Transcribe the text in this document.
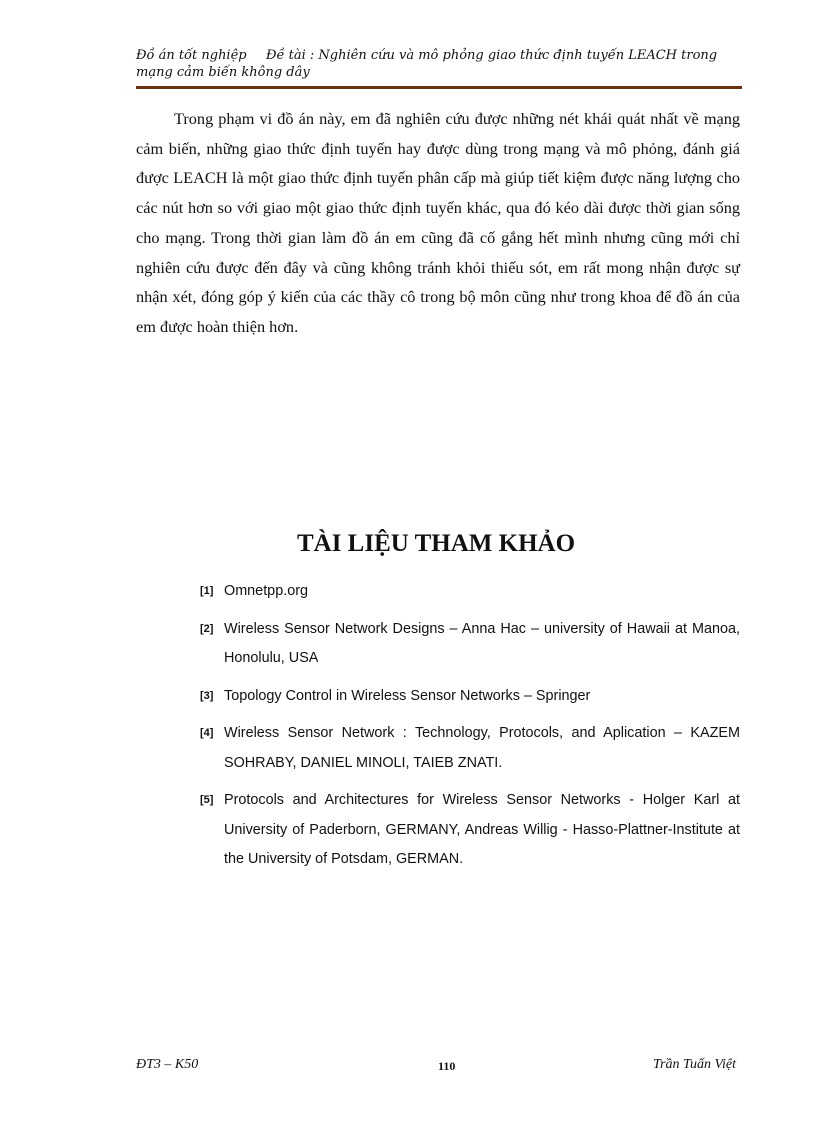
Đồ án tốt nghiệp Đề tài : Nghiên cứu và mô phỏng giao thức định tuyến LEACH trong mạng cảm biến không dây

Trong phạm vi đồ án này, em đã nghiên cứu được những nét khái quát nhất về mạng cảm biến, những giao thức định tuyến hay được dùng trong mạng và mô phỏng, đánh giá được LEACH là một giao thức định tuyến phân cấp mà giúp tiết kiệm được năng lượng cho các nút hơn so với giao một giao thức định tuyến khác, qua đó kéo dài được thời gian sống cho mạng. Trong thời gian làm đồ án em cũng đã cố gắng hết mình nhưng cũng mới chỉ nghiên cứu được đến đây và cũng không tránh khỏi thiếu sót, em rất mong nhận được sự nhận xét, đóng góp ý kiến của các thầy cô trong bộ môn cũng như trong khoa để đồ án của em được hoàn thiện hơn.

TÀI LIỆU THAM KHẢO
[1] Omnetpp.org
[2] Wireless Sensor Network Designs – Anna Hac – university of Hawaii at Manoa, Honolulu, USA
[3] Topology Control in Wireless Sensor Networks – Springer
[4] Wireless Sensor Network : Technology, Protocols, and Aplication – KAZEM SOHRABY, DANIEL MINOLI, TAIEB ZNATI.
[5] Protocols and Architectures for Wireless Sensor Networks - Holger Karl at University of Paderborn, GERMANY, Andreas Willig - Hasso-Plattner-Institute at the University of Potsdam, GERMAN.
ĐT3 – K50	110	Trần Tuấn Việt
